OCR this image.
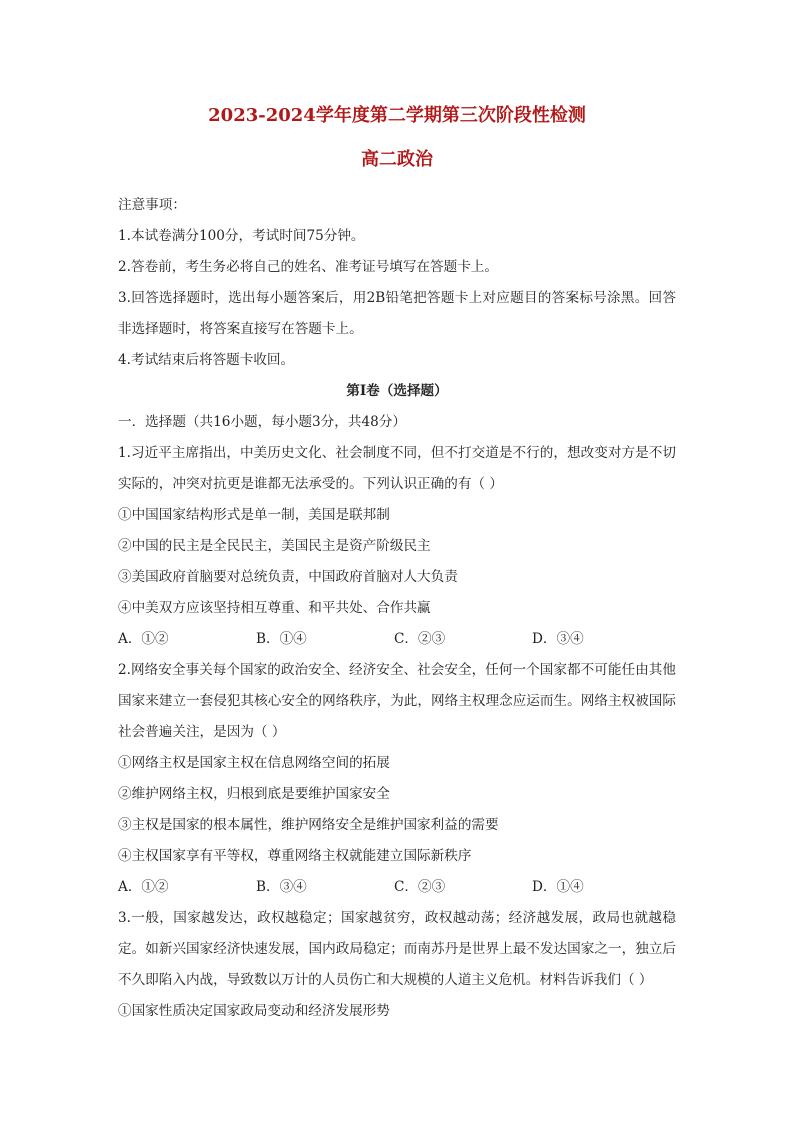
2023-2024学年度第二学期第三次阶段性检测

高二政治

注意事项：

1.本试卷满分100分，考试时间75分钟。

2.答卷前，考生务必将自己的姓名、准考证号填写在答题卡上。

3.回答选择题时，选出每小题答案后，用2B铅笔把答题卡上对应题目的答案标号涂黑。回答非选择题时，将答案直接写在答题卡上。

4.考试结束后将答题卡收回。

第Ⅰ卷（选择题）

一．选择题（共16小题，每小题3分，共48分）

1.习近平主席指出，中美历史文化、社会制度不同，但不打交道是不行的，想改变对方是不切实际的，冲突对抗更是谁都无法承受的。下列认识正确的有（ ）

①中国国家结构形式是单一制，美国是联邦制

②中国的民主是全民民主，美国民主是资产阶级民主

③美国政府首脑要对总统负责，中国政府首脑对人大负责

④中美双方应该坚持相互尊重、和平共处、合作共赢

A．①②	B．①④	C．②③	D．③④

2.网络安全事关每个国家的政治安全、经济安全、社会安全，任何一个国家都不可能任由其他国家来建立一套侵犯其核心安全的网络秩序，为此，网络主权理念应运而生。网络主权被国际社会普遍关注，是因为（ ）

①网络主权是国家主权在信息网络空间的拓展

②维护网络主权，归根到底是要维护国家安全

③主权是国家的根本属性，维护网络安全是维护国家利益的需要

④主权国家享有平等权，尊重网络主权就能建立国际新秩序

A．①②	B．③④	C．②③	D．①④

3.一般，国家越发达，政权越稳定；国家越贫穷，政权越动荡；经济越发展，政局也就越稳定。如新兴国家经济快速发展，国内政局稳定；而南苏丹是世界上最不发达国家之一，独立后不久即陷入内战，导致数以万计的人员伤亡和大规模的人道主义危机。材料告诉我们（ ）

①国家性质决定国家政局变动和经济发展形势
